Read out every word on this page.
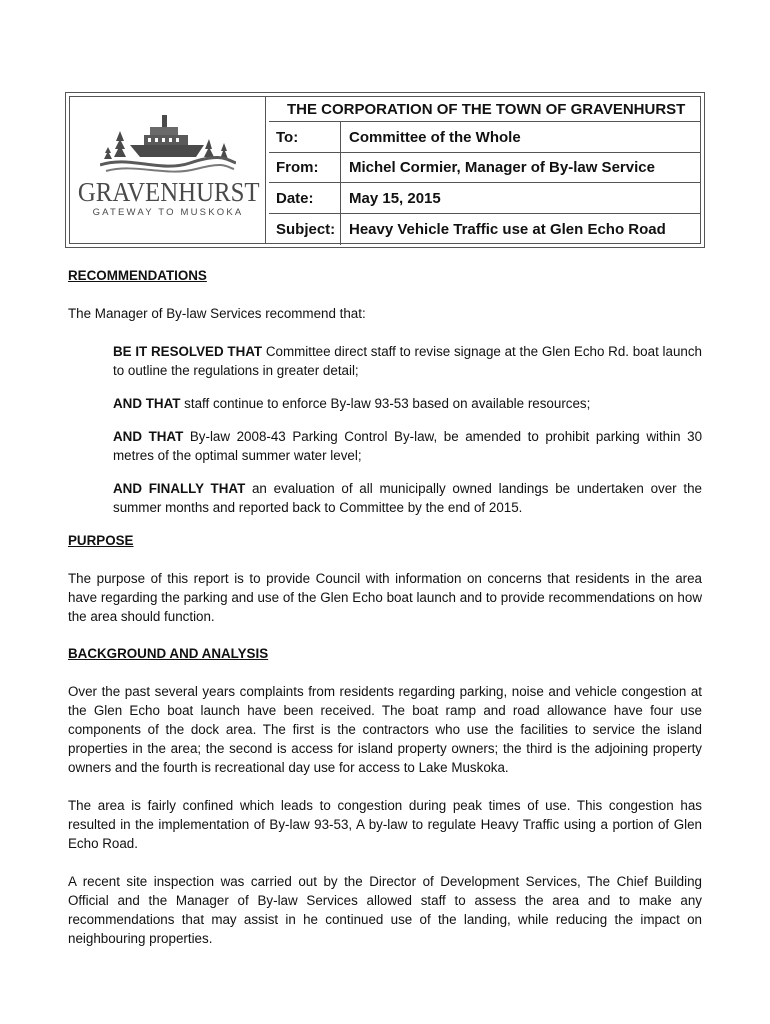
GRAVENHURST
GATEWAY TO MUSKOKA
THE CORPORATION OF THE TOWN OF GRAVENHURST
To:	Committee of the Whole
From:	Michel Cormier, Manager of By-law Service
Date:	May 15, 2015
Subject: Heavy Vehicle Traffic use at Glen Echo Road
RECOMMENDATIONS

The Manager of By-law Services recommend that:

BE IT RESOLVED THAT Committee direct staff to revise signage at the Glen Echo Rd. boat launch to outline the regulations in greater detail;

AND THAT staff continue to enforce By-law 93-53 based on available resources;

AND THAT By-law 2008-43 Parking Control By-law, be amended to prohibit parking within 30 metres of the optimal summer water level;

AND FINALLY THAT an evaluation of all municipally owned landings be undertaken over the summer months and reported back to Committee by the end of 2015.

PURPOSE

The purpose of this report is to provide Council with information on concerns that residents in the area have regarding the parking and use of the Glen Echo boat launch and to provide recommendations on how the area should function.

BACKGROUND AND ANALYSIS

Over the past several years complaints from residents regarding parking, noise and vehicle congestion at the Glen Echo boat launch have been received. The boat ramp and road allowance have four use components of the dock area. The first is the contractors who use the facilities to service the island properties in the area; the second is access for island property owners; the third is the adjoining property owners and the fourth is recreational day use for access to Lake Muskoka.

The area is fairly confined which leads to congestion during peak times of use. This congestion has resulted in the implementation of By-law 93-53, A by-law to regulate Heavy Traffic using a portion of Glen Echo Road.

A recent site inspection was carried out by the Director of Development Services, The Chief Building Official and the Manager of By-law Services allowed staff to assess the area and to make any recommendations that may assist in he continued use of the landing, while reducing the impact on neighbouring properties.
